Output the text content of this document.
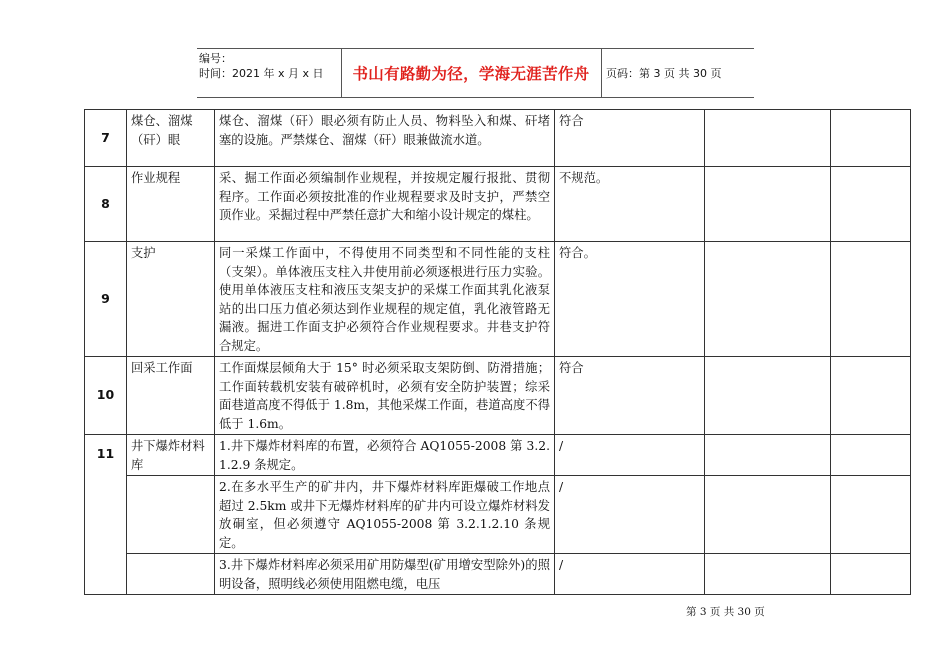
编号：
时间：2021 年 x 月 x 日	书山有路勤为径，学海无涯苦作舟	页码：第 3 页 共 30 页
7	煤仓、溜煤（矸）眼	煤仓、溜煤（矸）眼必须有防止人员、物料坠入和煤、矸堵塞的设施。严禁煤仓、溜煤（矸）眼兼做流水道。	符合		
8	作业规程	采、掘工作面必须编制作业规程，并按规定履行报批、贯彻程序。工作面必须按批准的作业规程要求及时支护，严禁空顶作业。采掘过程中严禁任意扩大和缩小设计规定的煤柱。	不规范。		
9	支护	同一采煤工作面中，不得使用不同类型和不同性能的支柱（支架）。单体液压支柱入井使用前必须逐根进行压力实验。使用单体液压支柱和液压支架支护的采煤工作面其乳化液泵站的出口压力值必须达到作业规程的规定值，乳化液管路无漏液。掘进工作面支护必须符合作业规程要求。井巷支护符合规定。	符合。		
10	回采工作面	工作面煤层倾角大于 15° 时必须采取支架防倒、防滑措施；工作面转载机安装有破碎机时，必须有安全防护装置；综采面巷道高度不得低于 1.8m，其他采煤工作面，巷道高度不得低于 1.6m。	符合		
11	井下爆炸材料库	1.井下爆炸材料库的布置，必须符合 AQ1055-2008 第 3.2.1.2.9 条规定。	/		
		2.在多水平生产的矿井内，井下爆炸材料库距爆破工作地点超过 2.5km 或井下无爆炸材料库的矿井内可设立爆炸材料发放硐室，但必须遵守 AQ1055-2008 第 3.2.1.2.10 条规定。	/		
		3.井下爆炸材料库必须采用矿用防爆型(矿用增安型除外)的照明设备，照明线必须使用阻燃电缆，电压	/		
第 3 页 共 30 页
